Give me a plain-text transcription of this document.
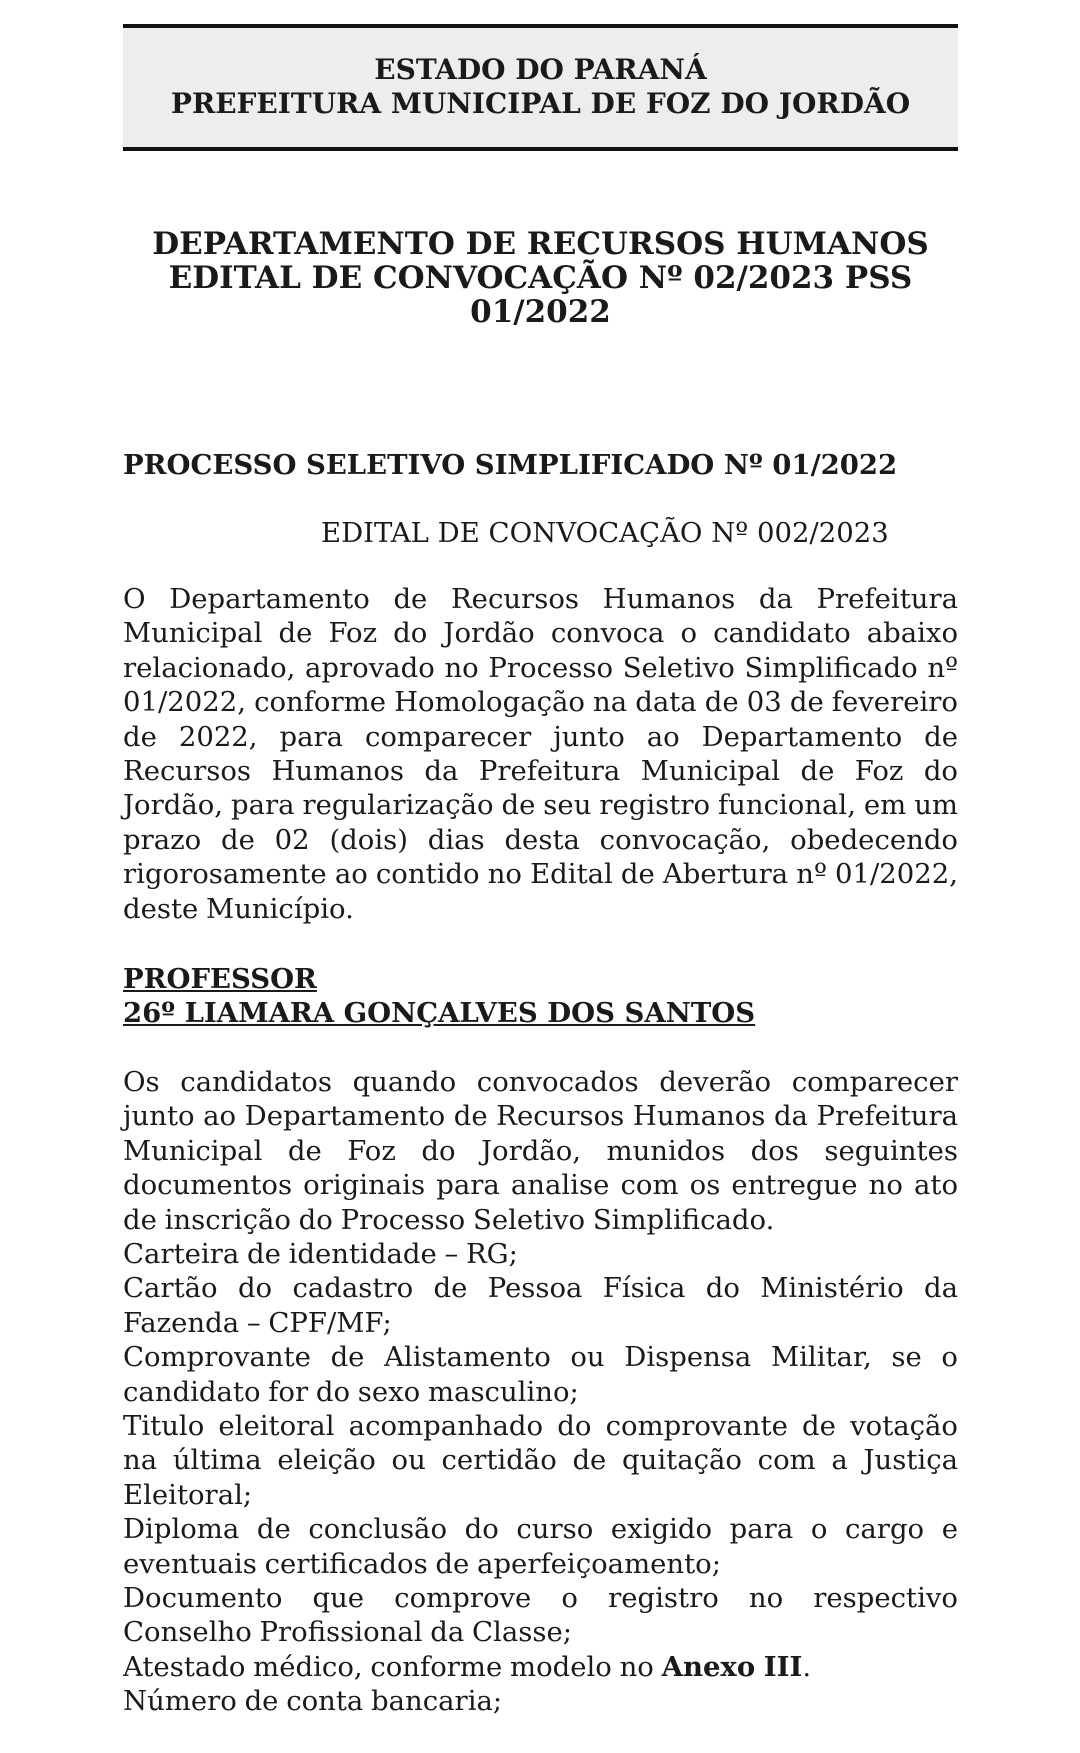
ESTADO DO PARANÁ
PREFEITURA MUNICIPAL DE FOZ DO JORDÃO
DEPARTAMENTO DE RECURSOS HUMANOS
EDITAL DE CONVOCAÇÃO Nº 02/2023 PSS 01/2022
PROCESSO SELETIVO SIMPLIFICADO Nº 01/2022
EDITAL DE CONVOCAÇÃO Nº 002/2023
O Departamento de Recursos Humanos da Prefeitura Municipal de Foz do Jordão convoca o candidato abaixo relacionado, aprovado no Processo Seletivo Simplificado nº 01/2022, conforme Homologação na data de 03 de fevereiro de 2022, para comparecer junto ao Departamento de Recursos Humanos da Prefeitura Municipal de Foz do Jordão, para regularização de seu registro funcional, em um prazo de 02 (dois) dias desta convocação, obedecendo rigorosamente ao contido no Edital de Abertura nº 01/2022, deste Município.
PROFESSOR
26º LIAMARA GONÇALVES DOS SANTOS
Os candidatos quando convocados deverão comparecer junto ao Departamento de Recursos Humanos da Prefeitura Municipal de Foz do Jordão, munidos dos seguintes documentos originais para analise com os entregue no ato de inscrição do Processo Seletivo Simplificado.
Carteira de identidade – RG;
Cartão do cadastro de Pessoa Física do Ministério da Fazenda – CPF/MF;
Comprovante de Alistamento ou Dispensa Militar, se o candidato for do sexo masculino;
Titulo eleitoral acompanhado do comprovante de votação na última eleição ou certidão de quitação com a Justiça Eleitoral;
Diploma de conclusão do curso exigido para o cargo e eventuais certificados de aperfeiçoamento;
Documento que comprove o registro no respectivo Conselho Profissional da Classe;
Atestado médico, conforme modelo no Anexo III.
Número de conta bancaria;
